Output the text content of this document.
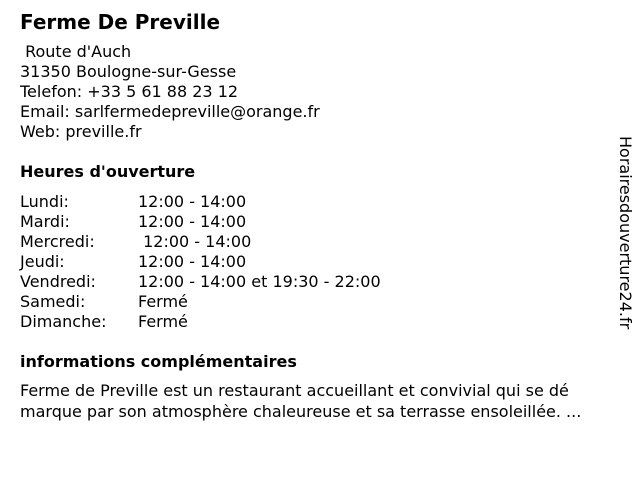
Ferme De Preville
Route d'Auch
31350 Boulogne-sur-Gesse
Telefon: +33 5 61 88 23 12
Email: sarlfermedepreville@orange.fr
Web: preville.fr
Heures d'ouverture
Lundi:	12:00 - 14:00
Mardi:	12:00 - 14:00
Mercredi:	12:00 - 14:00
Jeudi:	12:00 - 14:00
Vendredi:	12:00 - 14:00 et 19:30 - 22:00
Samedi:	Fermé
Dimanche:	Fermé
informations complémentaires
Ferme de Preville est un restaurant accueillant et convivial qui se dé
marque par son atmosphère chaleureuse et sa terrasse ensoleillée. ...
Horairesdouverture24.fr
